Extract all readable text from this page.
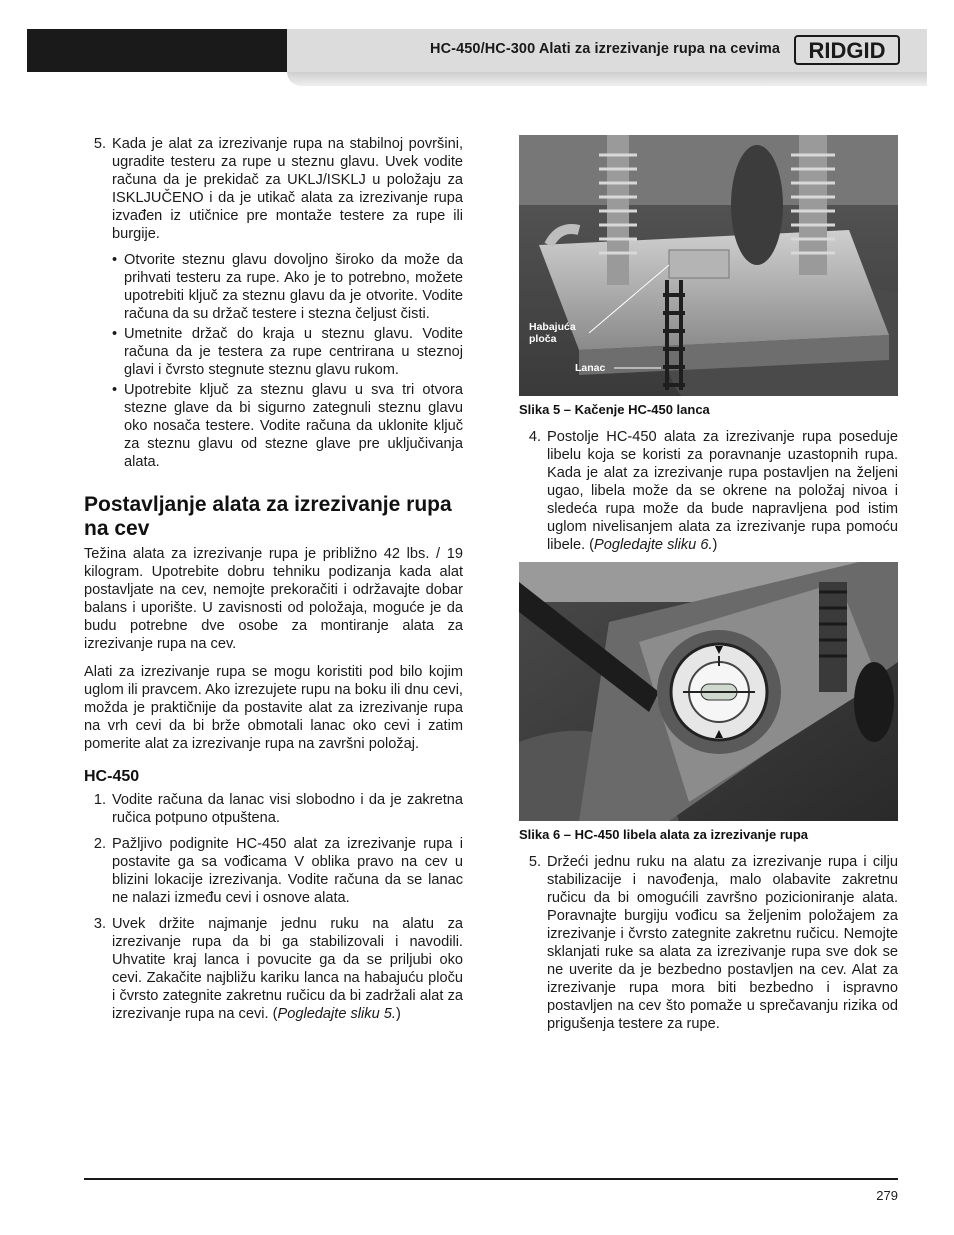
HC-450/HC-300 Alati za izrezivanje rupa na cevima RIDGID
5. Kada je alat za izrezivanje rupa na stabilnoj površini, ugradite testeru za rupe u steznu glavu. Uvek vodite računa da je prekidač za UKLJ/ISKLJ u položaju za ISKLJUČENO i da je utikač alata za izrezivanje rupa izvađen iz utičnice pre montaže testere za rupe ili burgije.
• Otvorite steznu glavu dovoljno široko da može da prihvati testeru za rupe. Ako je to potrebno, možete upotrebiti ključ za steznu glavu da je otvorite. Vodite računa da su držač testere i stezna čeljust čisti.
• Umetnite držač do kraja u steznu glavu. Vodite računa da je testera za rupe centrirana u steznoj glavi i čvrsto stegnute steznu glavu rukom.
• Upotrebite ključ za steznu glavu u sva tri otvora stezne glave da bi sigurno zategnuli steznu glavu oko nosača testere. Vodite računa da uklonite ključ za steznu glavu od stezne glave pre uključivanja alata.
Postavljanje alata za izrezivanje rupa na cev
Težina alata za izrezivanje rupa je približno 42 lbs. / 19 kilogram. Upotrebite dobru tehniku podizanja kada alat postavljate na cev, nemojte prekoračiti i održavajte dobar balans i uporište. U zavisnosti od položaja, moguće je da budu potrebne dve osobe za montiranje alata za izrezivanje rupa na cev.
Alati za izrezivanje rupa se mogu koristiti pod bilo kojim uglom ili pravcem. Ako izrezujete rupu na boku ili dnu cevi, možda je praktičnije da postavite alat za izrezivanje rupa na vrh cevi da bi brže obmotali lanac oko cevi i zatim pomerite alat za izrezivanje rupa na završni položaj.
HC-450
1. Vodite računa da lanac visi slobodno i da je zakretna ručica potpuno otpuštena.
2. Pažljivo podignite HC-450 alat za izrezivanje rupa i postavite ga sa vođicama V oblika pravo na cev u blizini lokacije izrezivanja. Vodite računa da se lanac ne nalazi između cevi i osnove alata.
3. Uvek držite najmanje jednu ruku na alatu za izrezivanje rupa da bi ga stabilizovali i navodili. Uhvatite kraj lanca i povucite ga da se priljubi oko cevi. Zakačite najbližu kariku lanca na habajuću ploču i čvrsto zategnite zakretnu ručicu da bi zadržali alat za izrezivanje rupa na cevi. (Pogledajte sliku 5.)
Habajuća ploča
Lanac
Slika 5 – Kačenje HC-450 lanca
4. Postolje HC-450 alata za izrezivanje rupa poseduje libelu koja se koristi za poravnanje uzastopnih rupa. Kada je alat za izrezivanje rupa postavljen na željeni ugao, libela može da se okrene na položaj nivoa i sledeća rupa može da bude napravljena pod istim uglom nivelisanjem alata za izrezivanje rupa pomoću libele. (Pogledajte sliku 6.)
Slika 6 – HC-450 libela alata za izrezivanje rupa
5. Držeći jednu ruku na alatu za izrezivanje rupa i cilju stabilizacije i navođenja, malo olabavite zakretnu ručicu da bi omogućili završno pozicioniranje alata. Poravnajte burgiju vođicu sa željenim položajem za izrezivanje i čvrsto zategnite zakretnu ručicu. Nemojte sklanjati ruke sa alata za izrezivanje rupa sve dok se ne uverite da je bezbedno postavljen na cev. Alat za izrezivanje rupa mora biti bezbedno i ispravno postavljen na cev što pomaže u sprečavanju rizika od prigušenja testere za rupe.
279
